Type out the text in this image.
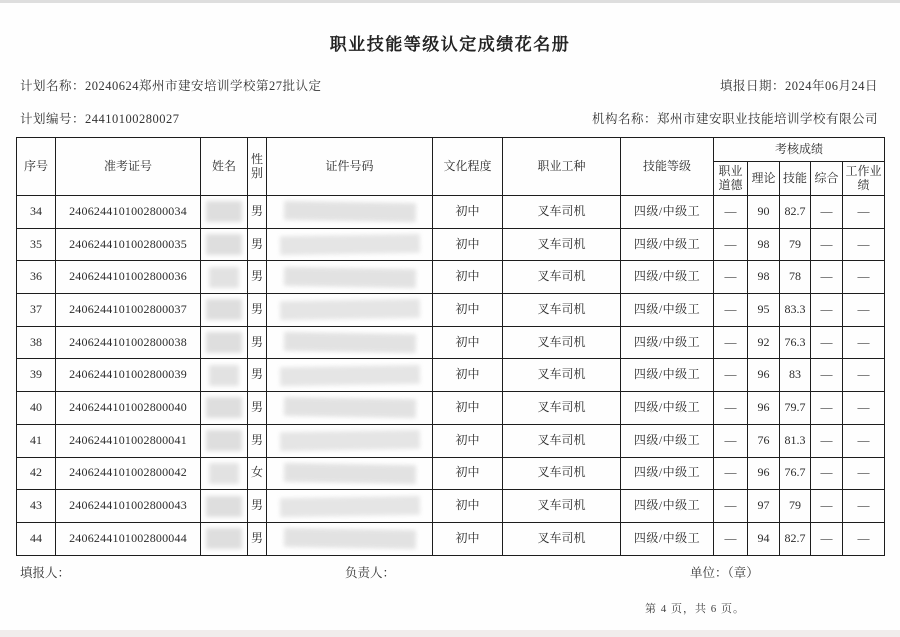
职业技能等级认定成绩花名册
计划名称：20240624郑州市建安培训学校第27批认定	填报日期：2024年06月24日
计划编号：24410100280027	机构名称：郑州市建安职业技能培训学校有限公司
序号	准考证号	姓名	性别	证件号码	文化程度	职业工种	技能等级	考核成绩				
								职业道德	理论	技能	综合	工作业绩
34	2406244101002800034		男		初中	叉车司机	四级/中级工	—	90	82.7	—	—
35	2406244101002800035		男		初中	叉车司机	四级/中级工	—	98	79	—	—
36	2406244101002800036		男		初中	叉车司机	四级/中级工	—	98	78	—	—
37	2406244101002800037		男		初中	叉车司机	四级/中级工	—	95	83.3	—	—
38	2406244101002800038		男		初中	叉车司机	四级/中级工	—	92	76.3	—	—
39	2406244101002800039		男		初中	叉车司机	四级/中级工	—	96	83	—	—
40	2406244101002800040		男		初中	叉车司机	四级/中级工	—	96	79.7	—	—
41	2406244101002800041		男		初中	叉车司机	四级/中级工	—	76	81.3	—	—
42	2406244101002800042		女		初中	叉车司机	四级/中级工	—	96	76.7	—	—
43	2406244101002800043		男		初中	叉车司机	四级/中级工	—	97	79	—	—
44	2406244101002800044		男		初中	叉车司机	四级/中级工	—	94	82.7	—	—
填报人：	负责人：	单位：（章）
第 4 页，共 6 页。
